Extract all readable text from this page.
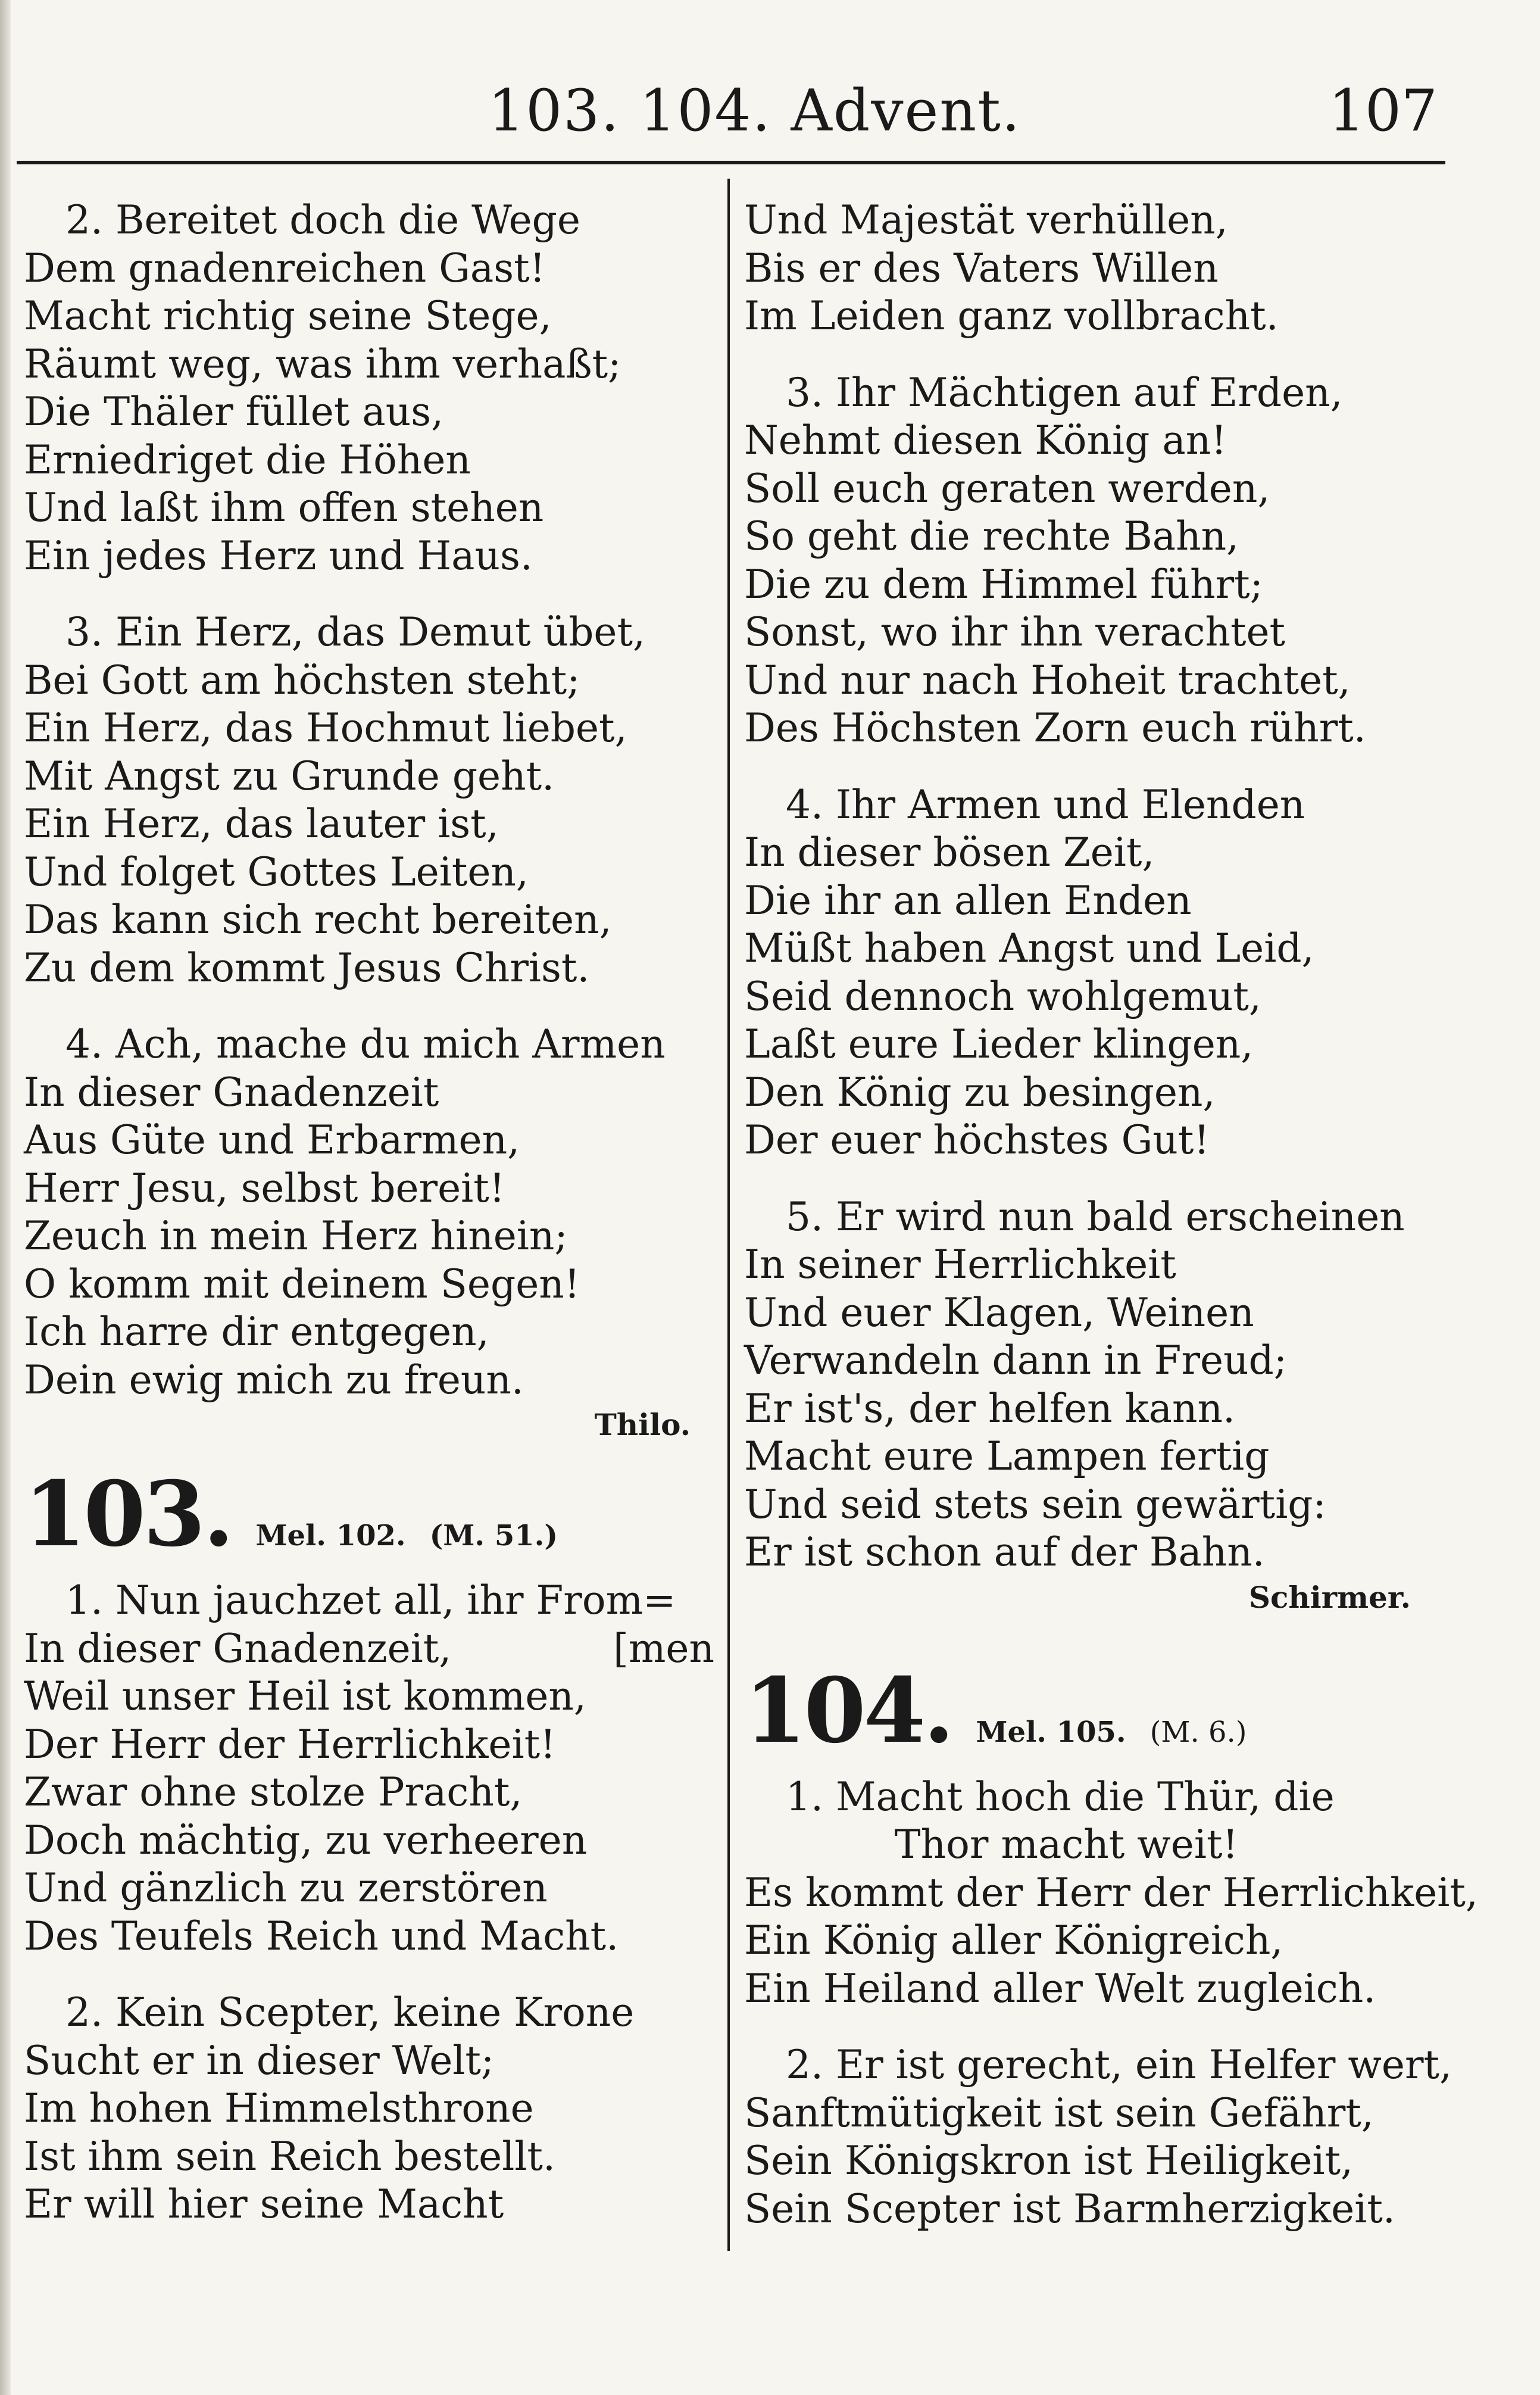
103. 104. Advent.	107
2. Bereitet doch die Wege
Dem gnadenreichen Gast!
Macht richtig seine Stege,
Räumt weg, was ihm verhaßt;
Die Thäler füllet aus,
Erniedriget die Höhen
Und laßt ihm offen stehen
Ein jedes Herz und Haus.
3. Ein Herz, das Demut übet,
Bei Gott am höchsten steht;
Ein Herz, das Hochmut liebet,
Mit Angst zu Grunde geht.
Ein Herz, das lauter ist,
Und folget Gottes Leiten,
Das kann sich recht bereiten,
Zu dem kommt Jesus Christ.
4. Ach, mache du mich Armen
In dieser Gnadenzeit
Aus Güte und Erbarmen,
Herr Jesu, selbst bereit!
Zeuch in mein Herz hinein;
O komm mit deinem Segen!
Ich harre dir entgegen,
Dein ewig mich zu freun.
Thilo.
103. Mel. 102. (M. 51.)
1. Nun jauchzet all, ihr From=
In dieser Gnadenzeit,	[men
Weil unser Heil ist kommen,
Der Herr der Herrlichkeit!
Zwar ohne stolze Pracht,
Doch mächtig, zu verheeren
Und gänzlich zu zerstören
Des Teufels Reich und Macht.
2. Kein Scepter, keine Krone
Sucht er in dieser Welt;
Im hohen Himmelsthrone
Ist ihm sein Reich bestellt.
Er will hier seine Macht
Und Majestät verhüllen,
Bis er des Vaters Willen
Im Leiden ganz vollbracht.
3. Ihr Mächtigen auf Erden,
Nehmt diesen König an!
Soll euch geraten werden,
So geht die rechte Bahn,
Die zu dem Himmel führt;
Sonst, wo ihr ihn verachtet
Und nur nach Hoheit trachtet,
Des Höchsten Zorn euch rührt.
4. Ihr Armen und Elenden
In dieser bösen Zeit,
Die ihr an allen Enden
Müßt haben Angst und Leid,
Seid dennoch wohlgemut,
Laßt eure Lieder klingen,
Den König zu besingen,
Der euer höchstes Gut!
5. Er wird nun bald erscheinen
In seiner Herrlichkeit
Und euer Klagen, Weinen
Verwandeln dann in Freud;
Er ist's, der helfen kann.
Macht eure Lampen fertig
Und seid stets sein gewärtig:
Er ist schon auf der Bahn.
Schirmer.
104. Mel. 105. (M. 6.)
1. Macht hoch die Thür, die
Thor macht weit!
Es kommt der Herr der Herrlichkeit,
Ein König aller Königreich,
Ein Heiland aller Welt zugleich.
2. Er ist gerecht, ein Helfer wert,
Sanftmütigkeit ist sein Gefährt,
Sein Königskron ist Heiligkeit,
Sein Scepter ist Barmherzigkeit.
